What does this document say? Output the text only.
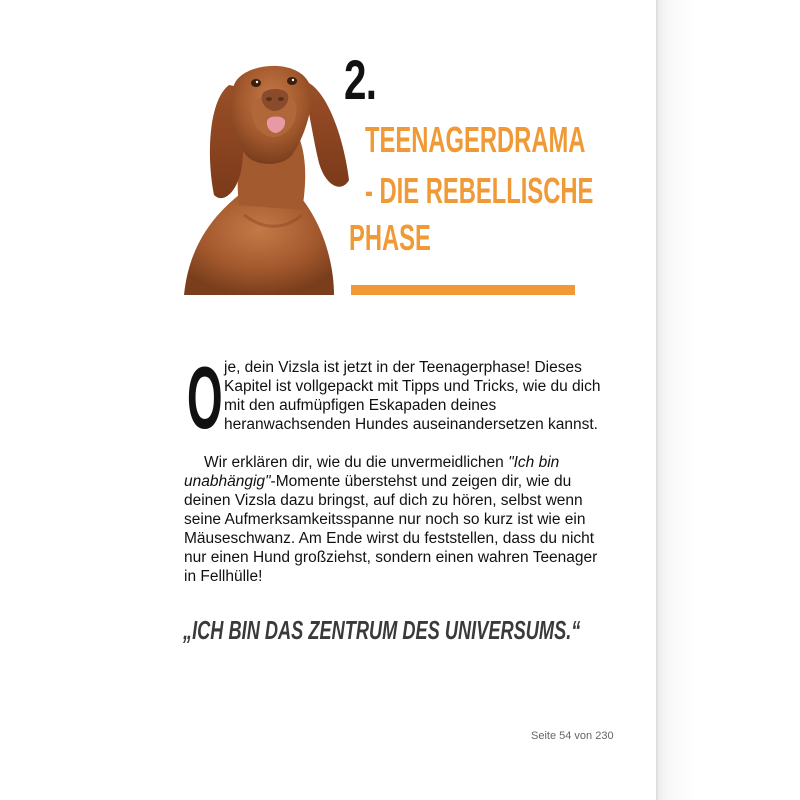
2.
TEENAGERDRAMA
- DIE REBELLISCHE
PHASE
O je, dein Vizsla ist jetzt in der Teenagerphase! Dieses
Kapitel ist vollgepackt mit Tipps und Tricks, wie du dich
mit den aufmüpfigen Eskapaden deines
heranwachsenden Hundes auseinandersetzen kannst.
Wir erklären dir, wie du die unvermeidlichen "Ich bin
unabhängig"-Momente überstehst und zeigen dir, wie du
deinen Vizsla dazu bringst, auf dich zu hören, selbst wenn
seine Aufmerksamkeitsspanne nur noch so kurz ist wie ein
Mäuseschwanz. Am Ende wirst du feststellen, dass du nicht
nur einen Hund großziehst, sondern einen wahren Teenager
in Fellhülle!
„ICH BIN DAS ZENTRUM DES UNIVERSUMS.“
Seite 54 von 230
